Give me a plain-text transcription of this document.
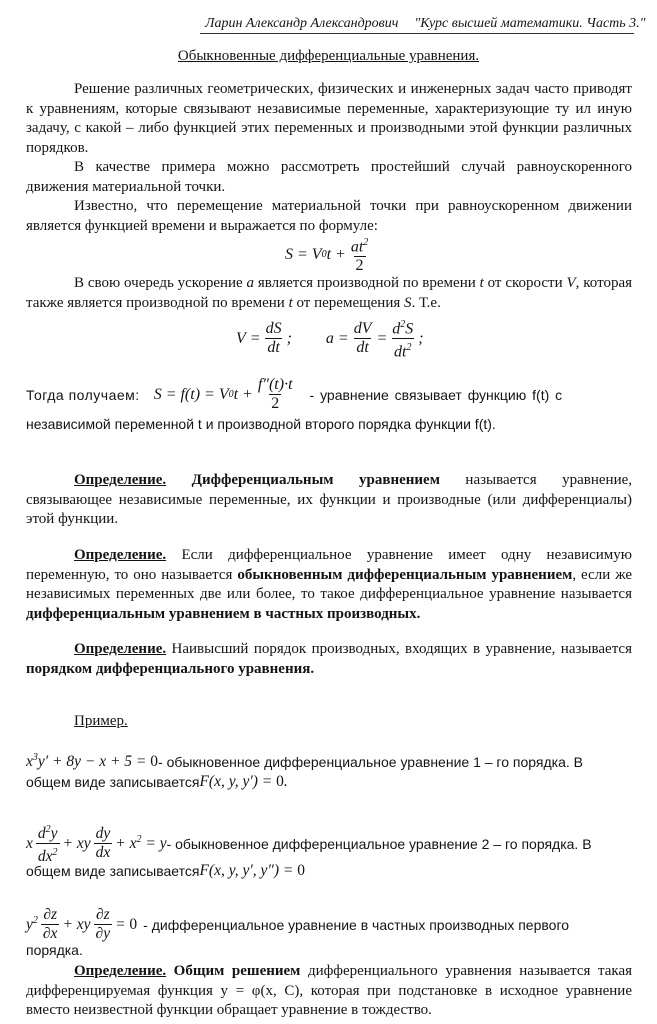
Ларин Александр Александрович "Курс высшей математики. Часть 3."
Обыкновенные дифференциальные уравнения.
Решение различных геометрических, физических и инженерных задач часто приводят к уравнениям, которые связывают независимые переменные, характеризующие ту ил иную задачу, с какой – либо функцией этих переменных и производными этой функции различных порядков.
В качестве примера можно рассмотреть простейший случай равноускоренного движения материальной точки.
Известно, что перемещение материальной точки при равноускоренном движении является функцией времени и выражается по формуле:
S = V 0 $t + \frac{at^2}{2}$
В свою очередь ускорение a является производной по времени t от скорости V, которая также является производной по времени t от перемещения S. Т.е.
$V = \frac{dS}{dt}$ ;
$a = \frac{dV}{dt} = \frac{d^2S}{dt^2}$ ;
Тогда получаем: S = f(t) = V 0 $t + \frac{f''(t)\cdot t}{2}$ - уравнение связывает функцию f(t) с
независимой переменной t и производной второго порядка функции f(t).
Определение. Дифференциальным уравнением называется уравнение, связывающее независимые переменные, их функции и производные (или дифференциалы) этой функции.
Определение. Если дифференциальное уравнение имеет одну независимую переменную, то оно называется обыкновенным дифференциальным уравнением, если же независимых переменных две или более, то такое дифференциальное уравнение называется дифференциальным уравнением в частных производных.
Определение. Наивысший порядок производных, входящих в уравнение, называется порядком дифференциального уравнения.
Пример.
$x^3y' + 8y - x + 5 = 0$ - обыкновенное дифференциальное уравнение 1 – го порядка. В
общем виде записывается F(x, y, y′) = 0.
x $\frac{d^2y}{dx^2}$ + xy $\frac{dy}{dx} + x^2 = y$ - обыкновенное дифференциальное уравнение 2 – го порядка. В
общем виде записывается F(x, y, y′, y″) = 0
$y^2 \frac{\partial z}{\partial x}$ + xy $\frac{\partial z}{\partial y} = 0$ - дифференциальное уравнение в частных производных первого
порядка.
Определение. Общим решением дифференциального уравнения называется такая дифференцируемая функция y = φ(x, C), которая при подстановке в исходное уравнение вместо неизвестной функции обращает уравнение в тождество.
